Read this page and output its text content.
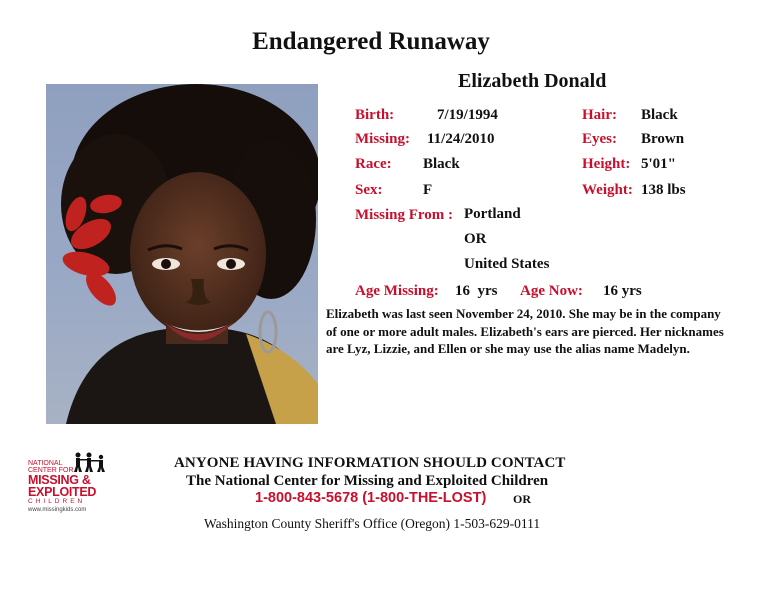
Endangered Runaway
Elizabeth Donald
Birth:	7/19/1994
Missing: 11/24/2010
Race: Black
Sex:	F
Hair: Black
Eyes: Brown
Height: 5'01"
Weight: 138 lbs
Missing From : Portland
OR
United States
Age Missing: 16  yrs Age Now: 16 yrs
Elizabeth was last seen November 24, 2010. She may be in the company of one or more adult males. Elizabeth's ears are pierced. Her nicknames are Lyz, Lizzie, and Ellen or she may use the alias name Madelyn.
NATIONAL
CENTER FOR
MISSING &
EXPLOITED
CHILDREN
www.missingkids.com
ANYONE HAVING INFORMATION SHOULD CONTACT
The National Center for Missing and Exploited Children
1-800-843-5678 (1-800-THE-LOST) OR
Washington County Sheriff's Office (Oregon) 1-503-629-0111
